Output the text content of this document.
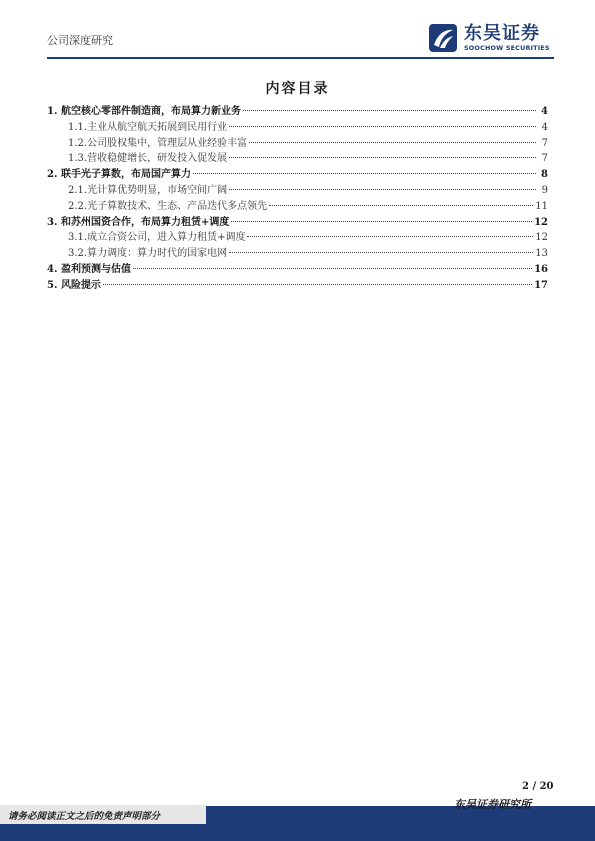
公司深度研究	东吴证券
SOOCHOW SECURITIES
内容目录
1. 航空核心零部件制造商，布局算力新业务	4
1.1. 主业从航空航天拓展到民用行业	4
1.2. 公司股权集中，管理层从业经验丰富	7
1.3. 营收稳健增长，研发投入促发展	7
2. 联手光子算数，布局国产算力	8
2.1. 光计算优势明显，市场空间广阔	9
2.2. 光子算数技术、生态、产品迭代多点领先	11
3. 和苏州国资合作，布局算力租赁+调度	12
3.1. 成立合资公司，进入算力租赁+调度	12
3.2. 算力调度：算力时代的国家电网	13
4. 盈利预测与估值	16
5. 风险提示	17
2 / 20
请务必阅读正文之后的免责声明部分
东吴证券研究所
